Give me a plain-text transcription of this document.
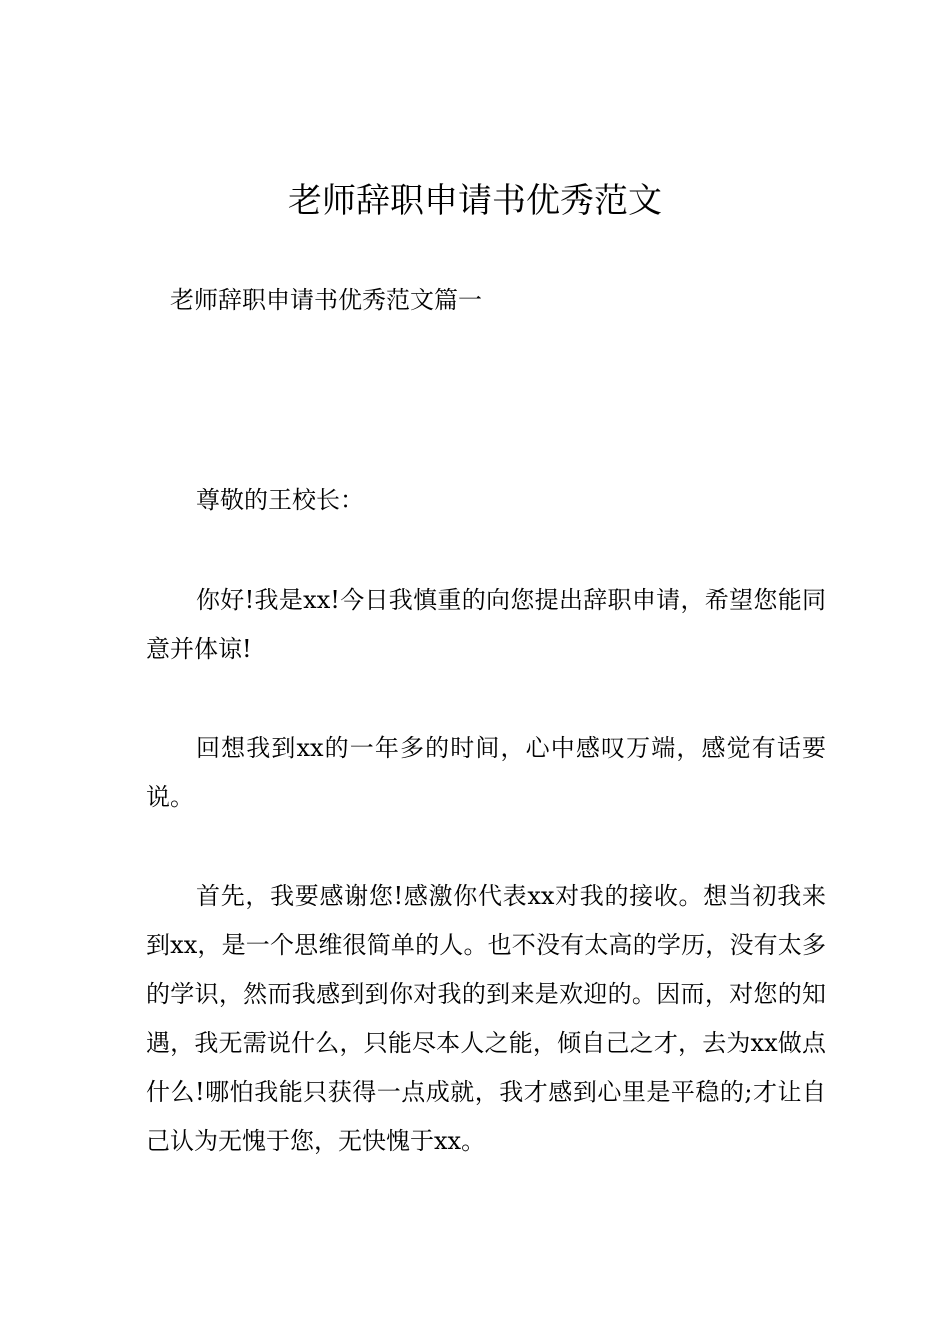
老师辞职申请书优秀范文

老师辞职申请书优秀范文篇一

尊敬的王校长：

你好!我是xx!今日我慎重的向您提出辞职申请，希望您能同意并体谅!

回想我到xx的一年多的时间，心中感叹万端，感觉有话要说。

首先，我要感谢您!感激你代表xx对我的接收。想当初我来到xx，是一个思维很简单的人。也不没有太高的学历，没有太多的学识，然而我感到到你对我的到来是欢迎的。因而，对您的知遇，我无需说什么，只能尽本人之能，倾自己之才，去为xx做点什么!哪怕我能只获得一点成就，我才感到心里是平稳的;才让自己认为无愧于您，无快愧于xx。
